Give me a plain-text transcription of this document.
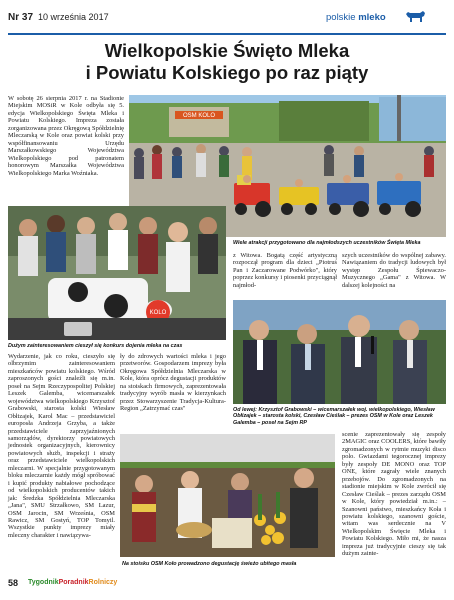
Nr 37 10 września 2017	polskie mleko
Wielkopolskie Święto Mleka
i Powiatu Kolskiego po raz piąty

W sobotę 26 sierpnia 2017 r. na Stadionie Miejskim MOSiR w Kole odbyła się 5. edycja Wielkopolskiego Święta Mleka i Powiatu Kolskiego. Impreza została zorganizowana przez Okręgową Spółdzielnię Mleczarską w Kole oraz powiat kolski przy współfinansowaniu Urzędu Marszałkowskiego Województwa Wielkopolskiego pod patronatem honorowym Marszałka Województwa Wielkopolskiego Marka Woźniaka.

OSM KOLO

Wiele atrakcji przygotowano dla najmłodszych uczestników Święta Mleka

KOLO

Dużym zainteresowaniem cieszył się konkurs dojenia mleka na czas

z Witowa. Bogatą część artystyczną rozpoczął program dla dzieci „Piotruś Pan i Zaczarowane Podwórko", który poprzez konkursy i piosenki przyciągnął najmłod-

szych uczestników do wspólnej zabawy. Nawiązaniem do tradycji ludowych był występ Zespołu Śpiewaczo-Muzycznego „Gama" z Witowa. W dalszej kolejności na

Od lewej: Krzysztof Grabowski – wicemarszałek woj. wielkopolskiego, Wiesław Obłizajek – starosta kolski, Czesław Cieślak – prezes OSM w Kole oraz Leszek Galemba – poseł na Sejm RP

Wydarzenie, jak co roku, cieszyło się olbrzymim zainteresowaniem mieszkańców powiatu kolskiego. Wśród zaproszonych gości znaleźli się m.in. poseł na Sejm Rzeczypospolitej Polskiej Leszek Galemba, wicemarszałek województwa wielkopolskiego Krzysztof Grabowski, starosta kolski Wiesław Obłizajek, Karol Mac – przedstawiciel europosła Andrzeja Grzyba, a także przedstawiciele zaprzyjaźnionych samorządów, dyrektorzy powiatowych jednostek organizacyjnych, kierownicy powiatowych służb, inspekcji i straży oraz przedstawiciele wielkopolskich mleczarni. W specjalnie przygotowanym bloku mleczarnie każdy mógł spróbować i kupić produkty nabiałowe pochodzące od wielkopolskich producentów takich jak: Średzka Spółdzielnia Mleczarska „Jana", SMU Strzałkowo, SM Lazur, OSM Jarocin, SM Września, OSM Rawicz, SM Gostyń, TOP Tomyil. Wszystkie punkty imprezy miały mleczny charakter i nawiązywa-

ły do zdrowych wartości mleka i jego przetworów. Gospodarzem imprezy była Okręgowa Spółdzielnia Mleczarska w Kole, która oprócz degustacji produktów na stoiskach firmowych, zaprezentowała tradycyjny wyrób masła w kierzynkach przez Stowarzyszenie Tradycja-Kultura-Region „Zatrzymać czas"

scenie zaprezentowały się zespoły 2MAGIC oraz COOLERS, które bawiły zgromadzonych w rytmie muzyki disco polo. Gwiazdami tegorocznej imprezy były zespoły DE MONO oraz TOP ONE, które zagrały wiele znanych przebojów. Do zgromadzonych na stadionie miejskim w Kole zwrócił się Czesław Cieślak – prezes zarządu OSM w Kole, który powiedział m.in.: – Szanowni państwo, mieszkańcy Koła i powiatu kolskiego, szanowni goście, witam was serdecznie na V Wielkopolskim Święcie Mleka i Powiatu Kolskiego. Miło mi, że nasza impreza już tradycyjnie cieszy się tak dużym zainte-

Na stoisku OSM Koło prowadzono degustację świeżo ubitego masła

58 TygodnikPoradnikRolniczy
